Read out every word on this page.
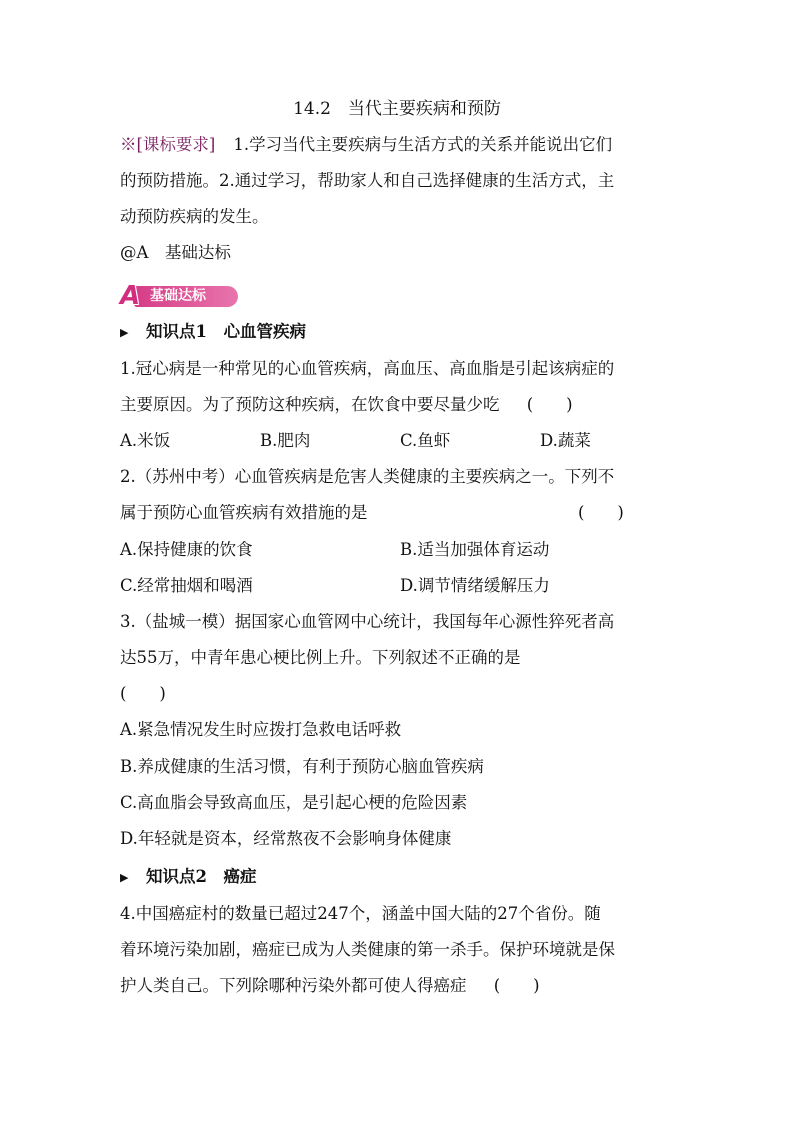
14.2　当代主要疾病和预防
※[课标要求] 1.学习当代主要疾病与生活方式的关系并能说出它们
的预防措施。2.通过学习，帮助家人和自己选择健康的生活方式，主
动预防疾病的发生。
@A　基础达标
A 基础达标
▶ 知识点1　心血管疾病
1.冠心病是一种常见的心血管疾病，高血压、高血脂是引起该病症的
主要原因。为了预防这种疾病，在饮食中要尽量少吃 (　　)
A.米饭	B.肥肉	C.鱼虾	D.蔬菜
2.（苏州中考）心血管疾病是危害人类健康的主要疾病之一。下列不
属于预防心血管疾病有效措施的是	(　　)
A.保持健康的饮食	B.适当加强体育运动
C.经常抽烟和喝酒	D.调节情绪缓解压力
3.（盐城一模）据国家心血管网中心统计，我国每年心源性猝死者高
达55万，中青年患心梗比例上升。下列叙述不正确的是
(　　)
A.紧急情况发生时应拨打急救电话呼救
B.养成健康的生活习惯，有利于预防心脑血管疾病
C.高血脂会导致高血压，是引起心梗的危险因素
D.年轻就是资本，经常熬夜不会影响身体健康
▶ 知识点2　癌症
4.中国癌症村的数量已超过247个，涵盖中国大陆的27个省份。随
着环境污染加剧，癌症已成为人类健康的第一杀手。保护环境就是保
护人类自己。下列除哪种污染外都可使人得癌症 (　　)
